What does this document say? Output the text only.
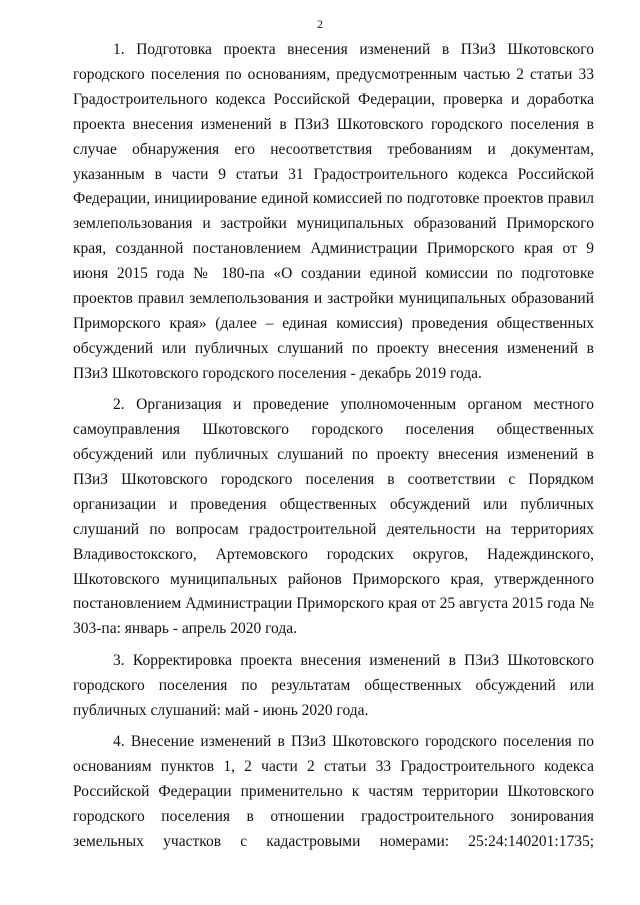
2

1. Подготовка проекта внесения изменений в ПЗиЗ Шкотовского городского поселения по основаниям, предусмотренным частью 2 статьи 33 Градостроительного кодекса Российской Федерации, проверка и доработка проекта внесения изменений в ПЗиЗ Шкотовского городского поселения в случае обнаружения его несоответствия требованиям и документам, указанным в части 9 статьи 31 Градостроительного кодекса Российской Федерации, инициирование единой комиссией по подготовке проектов правил землепользования и застройки муниципальных образований Приморского края, созданной постановлением Администрации Приморского края от 9 июня 2015 года № 180-па «О создании единой комиссии по подготовке проектов правил землепользования и застройки муниципальных образований Приморского края» (далее – единая комиссия) проведения общественных обсуждений или публичных слушаний по проекту внесения изменений в ПЗиЗ Шкотовского городского поселения - декабрь 2019 года.

2. Организация и проведение уполномоченным органом местного самоуправления Шкотовского городского поселения общественных обсуждений или публичных слушаний по проекту внесения изменений в ПЗиЗ Шкотовского городского поселения в соответствии с Порядком организации и проведения общественных обсуждений или публичных слушаний по вопросам градостроительной деятельности на территориях Владивостокского, Артемовского городских округов, Надеждинского, Шкотовского муниципальных районов Приморского края, утвержденного постановлением Администрации Приморского края от 25 августа 2015 года № 303-па: январь - апрель 2020 года.

3. Корректировка проекта внесения изменений в ПЗиЗ Шкотовского городского поселения по результатам общественных обсуждений или публичных слушаний: май - июнь 2020 года.

4. Внесение изменений в ПЗиЗ Шкотовского городского поселения по основаниям пунктов 1, 2 части 2 статьи 33 Градостроительного кодекса Российской Федерации применительно к частям территории Шкотовского городского поселения в отношении градостроительного зонирования земельных участков с кадастровыми номерами: 25:24:140201:1735;
